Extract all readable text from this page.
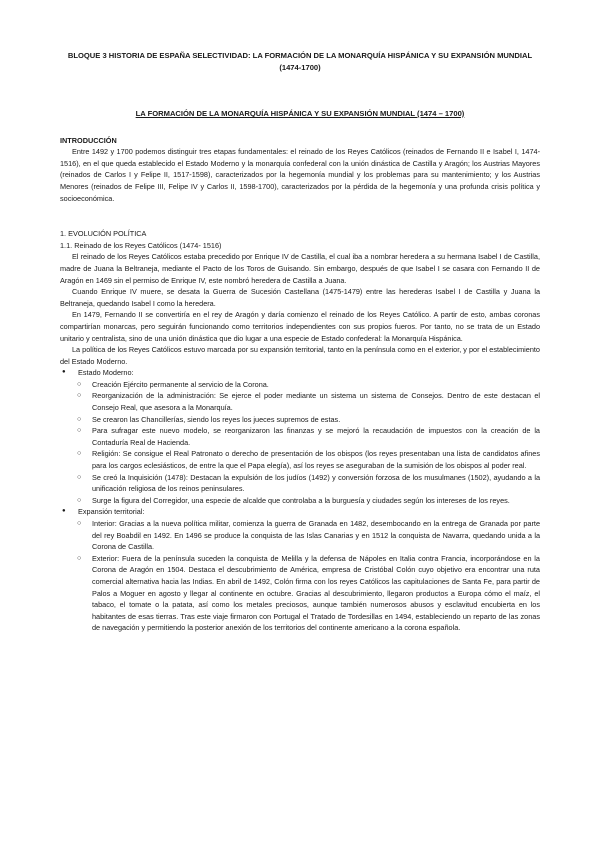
BLOQUE 3 HISTORIA DE ESPAÑA SELECTIVIDAD: LA FORMACIÓN DE LA MONARQUÍA HISPÁNICA Y SU EXPANSIÓN MUNDIAL (1474-1700)
LA FORMACIÓN DE LA MONARQUÍA HISPÁNICA Y SU EXPANSIÓN MUNDIAL (1474 – 1700)
INTRODUCCIÓN

Entre 1492 y 1700 podemos distinguir tres etapas fundamentales: el reinado de los Reyes Católicos (reinados de Fernando II e Isabel I, 1474-1516), en el que queda establecido el Estado Moderno y la monarquía confederal con la unión dinástica de Castilla y Aragón; los Austrias Mayores (reinados de Carlos I y Felipe II, 1517-1598), caracterizados por la hegemonía mundial y los problemas para su mantenimiento; y los Austrias Menores (reinados de Felipe III, Felipe IV y Carlos II, 1598-1700), caracterizados por la pérdida de la hegemonía y una profunda crisis política y socioeconómica.

1. EVOLUCIÓN POLÍTICA
1.1. Reinado de los Reyes Católicos (1474- 1516)

El reinado de los Reyes Católicos estaba precedido por Enrique IV de Castilla, el cual iba a nombrar heredera a su hermana Isabel I de Castilla, madre de Juana la Beltraneja, mediante el Pacto de los Toros de Guisando. Sin embargo, después de que Isabel I se casara con Fernando II de Aragón en 1469 sin el permiso de Enrique IV, este nombró heredera de Castilla a Juana.

Cuando Enrique IV muere, se desata la Guerra de Sucesión Castellana (1475-1479) entre las herederas Isabel I de Castilla y Juana la Beltraneja, quedando Isabel I como la heredera.

En 1479, Fernando II se convertiría en el rey de Aragón y daría comienzo el reinado de los Reyes Católico. A partir de esto, ambas coronas compartirían monarcas, pero seguirán funcionando como territorios independientes con sus propios fueros. Por tanto, no se trata de un Estado unitario y centralista, sino de una unión dinástica que dio lugar a una especie de Estado confederal: la Monarquía Hispánica.

La política de los Reyes Católicos estuvo marcada por su expansión territorial, tanto en la península como en el exterior, y por el establecimiento del Estado Moderno.

● Estado Moderno:
○ Creación Ejército permanente al servicio de la Corona.
○ Reorganización de la administración: Se ejerce el poder mediante un sistema un sistema de Consejos. Dentro de este destacan el Consejo Real, que asesora a la Monarquía.
○ Se crearon las Chancillerías, siendo los reyes los jueces supremos de estas.
○ Para sufragar este nuevo modelo, se reorganizaron las finanzas y se mejoró la recaudación de impuestos con la creación de la Contaduría Real de Hacienda.
○ Religión: Se consigue el Real Patronato o derecho de presentación de los obispos (los reyes presentaban una lista de candidatos afines para los cargos eclesiásticos, de entre la que el Papa elegía), así los reyes se aseguraban de la sumisión de los obispos al poder real.
○ Se creó la Inquisición (1478): Destacan la expulsión de los judíos (1492) y conversión forzosa de los musulmanes (1502), ayudando a la unificación religiosa de los reinos peninsulares.
○ Surge la figura del Corregidor, una especie de alcalde que controlaba a la burguesía y ciudades según los intereses de los reyes.
● Expansión territorial:
○ Interior: Gracias a la nueva política militar, comienza la guerra de Granada en 1482, desembocando en la entrega de Granada por parte del rey Boabdil en 1492. En 1496 se produce la conquista de las Islas Canarias y en 1512 la conquista de Navarra, quedando unida a la Corona de Castilla.
○ Exterior: Fuera de la península suceden la conquista de Melilla y la defensa de Nápoles en Italia contra Francia, incorporándose en la Corona de Aragón en 1504. Destaca el descubrimiento de América, empresa de Cristóbal Colón cuyo objetivo era encontrar una ruta comercial alternativa hacia las Indias. En abril de 1492, Colón firma con los reyes Católicos las capitulaciones de Santa Fe, para partir de Palos a Moguer en agosto y llegar al continente en octubre. Gracias al descubrimiento, llegaron productos a Europa cómo el maíz, el tabaco, el tomate o la patata, así como los metales preciosos, aunque también numerosos abusos y esclavitud encubierta en los habitantes de esas tierras. Tras este viaje firmaron con Portugal el Tratado de Tordesillas en 1494, estableciendo un reparto de las zonas de navegación y permitiendo la posterior anexión de los territorios del continente americano a la corona española.
